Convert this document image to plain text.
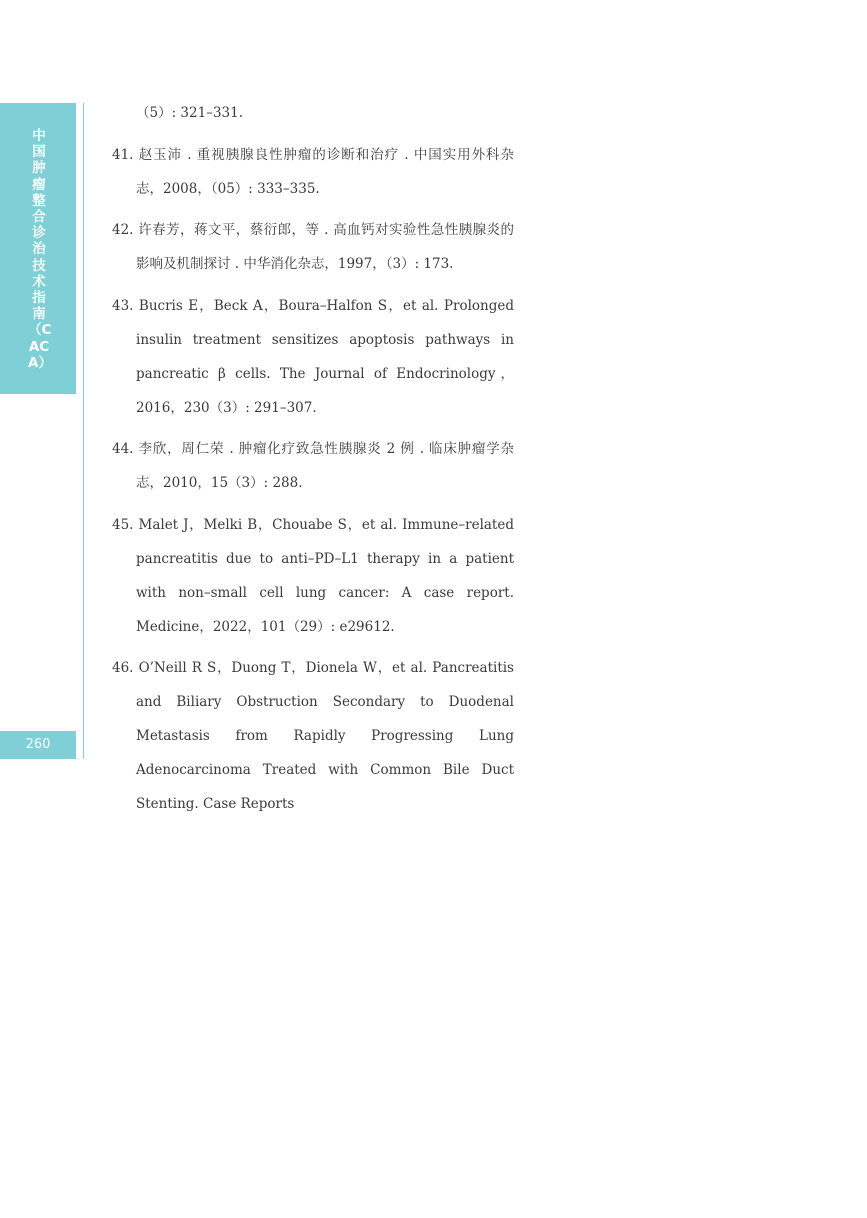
中国肿瘤整合诊治技术指南（CACA）
260
（5）: 321–331.
41. 赵玉沛 . 重视胰腺良性肿瘤的诊断和治疗 . 中国实用外科杂志，2008，（05）: 333–335.
42. 许春芳，蒋文平，蔡衍郎，等 . 高血钙对实验性急性胰腺炎的影响及机制探讨 . 中华消化杂志，1997，（3）: 173.
43. Bucris E，Beck A，Boura–Halfon S，et al. Prolonged insulin treatment sensitizes apoptosis pathways in pancreatic β cells. The Journal of Endocrinology，2016，230（3）: 291–307.
44. 李欣，周仁荣 . 肿瘤化疗致急性胰腺炎 2 例 . 临床肿瘤学杂志，2010，15（3）: 288.
45. Malet J，Melki B，Chouabe S，et al. Immune–related pancreatitis due to anti–PD–L1 therapy in a patient with non–small cell lung cancer: A case report. Medicine，2022，101（29）: e29612.
46. O’Neill R S，Duong T，Dionela W，et al. Pancreatitis and Biliary Obstruction Secondary to Duodenal Metastasis from Rapidly Progressing Lung Adenocarcinoma Treated with Common Bile Duct Stenting. Case Reports
